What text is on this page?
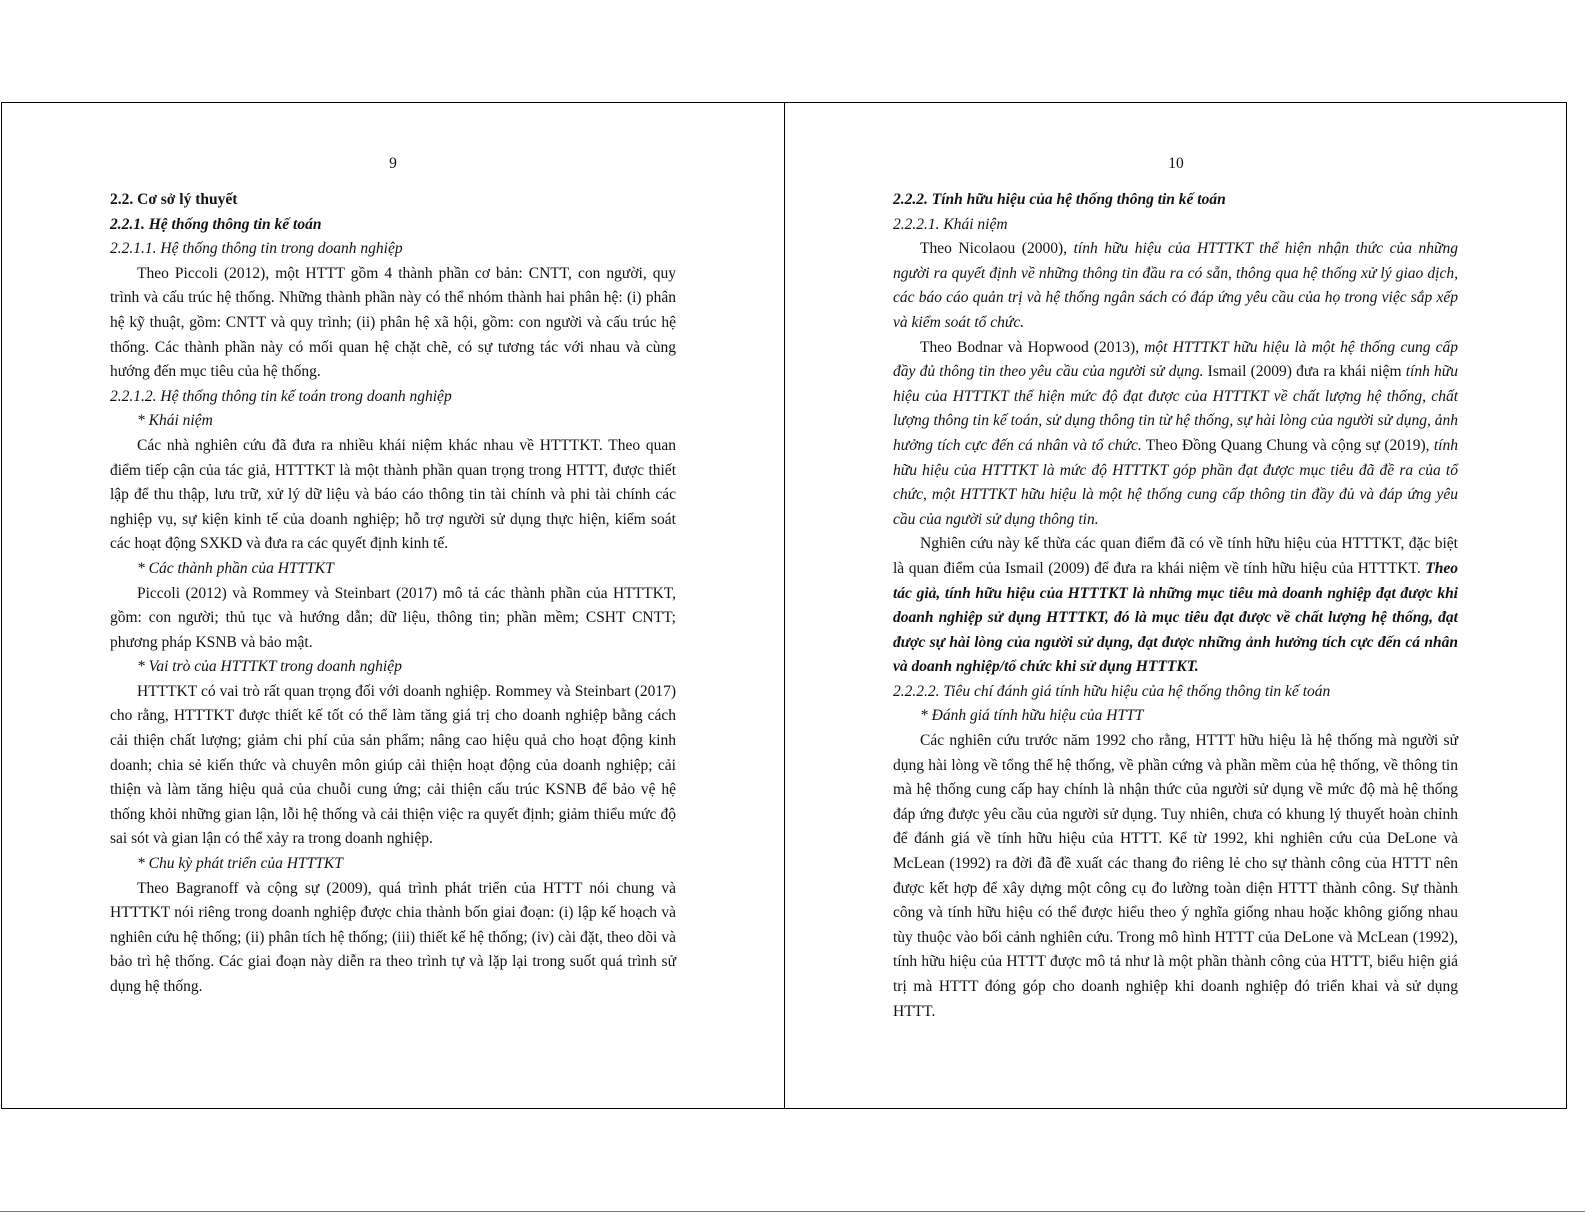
9
2.2. Cơ sở lý thuyết
2.2.1. Hệ thống thông tin kế toán
2.2.1.1. Hệ thống thông tin trong doanh nghiệp

Theo Piccoli (2012), một HTTT gồm 4 thành phần cơ bản: CNTT, con người, quy trình và cấu trúc hệ thống. Những thành phần này có thể nhóm thành hai phân hệ: (i) phân hệ kỹ thuật, gồm: CNTT và quy trình; (ii) phân hệ xã hội, gồm: con người và cấu trúc hệ thống. Các thành phần này có mối quan hệ chặt chẽ, có sự tương tác với nhau và cùng hướng đến mục tiêu của hệ thống.

2.2.1.2. Hệ thống thông tin kế toán trong doanh nghiệp
* Khái niệm

Các nhà nghiên cứu đã đưa ra nhiều khái niệm khác nhau về HTTTKT. Theo quan điểm tiếp cận của tác giả, HTTTKT là một thành phần quan trọng trong HTTT, được thiết lập để thu thập, lưu trữ, xử lý dữ liệu và báo cáo thông tin tài chính và phi tài chính các nghiệp vụ, sự kiện kinh tế của doanh nghiệp; hỗ trợ người sử dụng thực hiện, kiểm soát các hoạt động SXKD và đưa ra các quyết định kinh tế.

* Các thành phần của HTTTKT

Piccoli (2012) và Rommey và Steinbart (2017) mô tả các thành phần của HTTTKT, gồm: con người; thủ tục và hướng dẫn; dữ liệu, thông tin; phần mềm; CSHT CNTT; phương pháp KSNB và bảo mật.

* Vai trò của HTTTKT trong doanh nghiệp

HTTTKT có vai trò rất quan trọng đối với doanh nghiệp. Rommey và Steinbart (2017) cho rằng, HTTTKT được thiết kế tốt có thể làm tăng giá trị cho doanh nghiệp bằng cách cải thiện chất lượng; giảm chi phí của sản phẩm; nâng cao hiệu quả cho hoạt động kinh doanh; chia sẻ kiến thức và chuyên môn giúp cải thiện hoạt động của doanh nghiệp; cải thiện và làm tăng hiệu quả của chuỗi cung ứng; cải thiện cấu trúc KSNB để bảo vệ hệ thống khỏi những gian lận, lỗi hệ thống và cải thiện việc ra quyết định; giảm thiểu mức độ sai sót và gian lận có thể xảy ra trong doanh nghiệp.

* Chu kỳ phát triển của HTTTKT

Theo Bagranoff và cộng sự (2009), quá trình phát triển của HTTT nói chung và HTTTKT nói riêng trong doanh nghiệp được chia thành bốn giai đoạn: (i) lập kế hoạch và nghiên cứu hệ thống; (ii) phân tích hệ thống; (iii) thiết kế hệ thống; (iv) cài đặt, theo dõi và bảo trì hệ thống. Các giai đoạn này diễn ra theo trình tự và lặp lại trong suốt quá trình sử dụng hệ thống.

10
2.2.2. Tính hữu hiệu của hệ thống thông tin kế toán
2.2.2.1. Khái niệm

Theo Nicolaou (2000), tính hữu hiệu của HTTTKT thể hiện nhận thức của những người ra quyết định về những thông tin đầu ra có sẵn, thông qua hệ thống xử lý giao dịch, các báo cáo quản trị và hệ thống ngân sách có đáp ứng yêu cầu của họ trong việc sắp xếp và kiểm soát tổ chức.

Theo Bodnar và Hopwood (2013), một HTTTKT hữu hiệu là một hệ thống cung cấp đầy đủ thông tin theo yêu cầu của người sử dụng. Ismail (2009) đưa ra khái niệm tính hữu hiệu của HTTTKT thể hiện mức độ đạt được của HTTTKT về chất lượng hệ thống, chất lượng thông tin kế toán, sử dụng thông tin từ hệ thống, sự hài lòng của người sử dụng, ảnh hưởng tích cực đến cá nhân và tổ chức. Theo Đồng Quang Chung và cộng sự (2019), tính hữu hiệu của HTTTKT là mức độ HTTTKT góp phần đạt được mục tiêu đã đề ra của tổ chức, một HTTTKT hữu hiệu là một hệ thống cung cấp thông tin đầy đủ và đáp ứng yêu cầu của người sử dụng thông tin.

Nghiên cứu này kế thừa các quan điểm đã có về tính hữu hiệu của HTTTKT, đặc biệt là quan điểm của Ismail (2009) để đưa ra khái niệm về tính hữu hiệu của HTTTKT. Theo tác giả, tính hữu hiệu của HTTTKT là những mục tiêu mà doanh nghiệp đạt được khi doanh nghiệp sử dụng HTTTKT, đó là mục tiêu đạt được về chất lượng hệ thống, đạt được sự hài lòng của người sử dụng, đạt được những ảnh hưởng tích cực đến cá nhân và doanh nghiệp/tổ chức khi sử dụng HTTTKT.

2.2.2.2. Tiêu chí đánh giá tính hữu hiệu của hệ thống thông tin kế toán
* Đánh giá tính hữu hiệu của HTTT

Các nghiên cứu trước năm 1992 cho rằng, HTTT hữu hiệu là hệ thống mà người sử dụng hài lòng về tổng thể hệ thống, về phần cứng và phần mềm của hệ thống, về thông tin mà hệ thống cung cấp hay chính là nhận thức của người sử dụng về mức độ mà hệ thống đáp ứng được yêu cầu của người sử dụng. Tuy nhiên, chưa có khung lý thuyết hoàn chỉnh để đánh giá về tính hữu hiệu của HTTT. Kể từ 1992, khi nghiên cứu của DeLone và McLean (1992) ra đời đã đề xuất các thang đo riêng lẻ cho sự thành công của HTTT nên được kết hợp để xây dựng một công cụ đo lường toàn diện HTTT thành công. Sự thành công và tính hữu hiệu có thể được hiểu theo ý nghĩa giống nhau hoặc không giống nhau tùy thuộc vào bối cảnh nghiên cứu. Trong mô hình HTTT của DeLone và McLean (1992), tính hữu hiệu của HTTT được mô tả như là một phần thành công của HTTT, biểu hiện giá trị mà HTTT đóng góp cho doanh nghiệp khi doanh nghiệp đó triển khai và sử dụng HTTT.
